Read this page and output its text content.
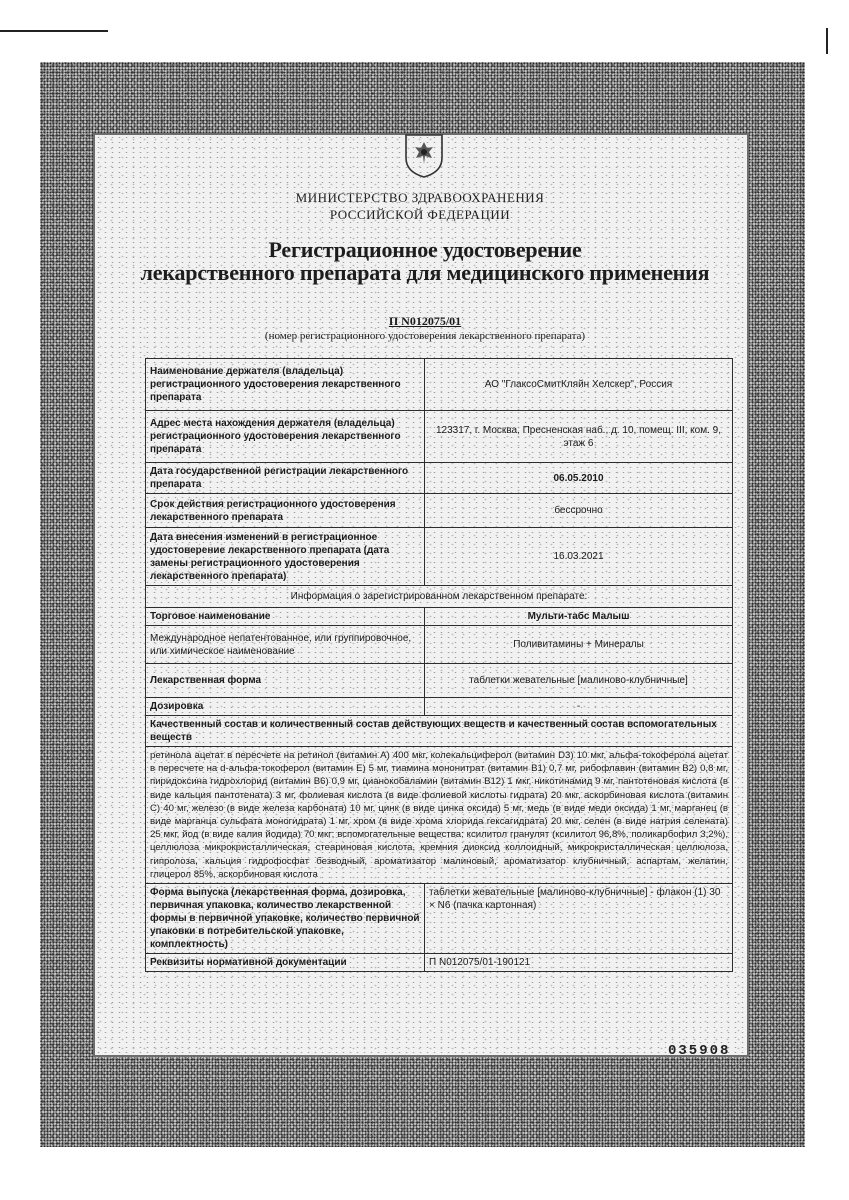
МИНИСТЕРСТВО ЗДРАВООХРАНЕНИЯ
РОССИЙСКОЙ ФЕДЕРАЦИИ
Регистрационное удостоверение
лекарственного препарата для медицинского применения
П N012075/01
(номер регистрационного удостоверения лекарственного препарата)
Наименование держателя (владельца) регистрационного удостоверения лекарственного препарата	АО "ГлаксоСмитКляйн Хелскер", Россия
Адрес места нахождения держателя (владельца) регистрационного удостоверения лекарственного препарата	123317, г. Москва, Пресненская наб., д. 10, помещ. III, ком. 9, этаж 6
Дата государственной регистрации лекарственного препарата	06.05.2010
Срок действия регистрационного удостоверения лекарственного препарата	бессрочно
Дата внесения изменений в регистрационное удостоверение лекарственного препарата (дата замены регистрационного удостоверения лекарственного препарата)	16.03.2021
Информация о зарегистрированном лекарственном препарате:	
Торговое наименование	Мульти-табс Малыш
Международное непатентованное, или группировочное, или химическое наименование	Поливитамины + Минералы
Лекарственная форма	таблетки жевательные [малиново-клубничные]
Дозировка	-
Качественный состав и количественный состав действующих веществ и качественный состав вспомогательных веществ	
ретинола ацетат в пересчете на ретинол (витамин А) 400 мкг, колекальциферол (витамин D3) 10 мкг, альфа-токоферола ацетат в пересчете на d-альфа-токоферол (витамин Е) 5 мг, тиамина мононитрат (витамин B1) 0,7 мг, рибофлавин (витамин B2) 0,8 мг, пиридоксина гидрохлорид (витамин B6) 0,9 мг, цианокобаламин (витамин B12) 1 мкг, никотинамид 9 мг, пантотеновая кислота (в виде кальция пантотената) 3 мг, фолиевая кислота (в виде фолиевой кислоты гидрата) 20 мкг, аскорбиновая кислота (витамин С) 40 мг, железо (в виде железа карбоната) 10 мг, цинк (в виде цинка оксида) 5 мг, медь (в виде меди оксида) 1 мг, марганец (в виде марганца сульфата моногидрата) 1 мг, хром (в виде хрома хлорида гексагидрата) 20 мкг, селен (в виде натрия селената) 25 мкг, йод (в виде калия йодида) 70 мкг; вспомогательные вещества: ксилитол гранулят (ксилитол 96,8%, поликарбофил 3,2%), целлюлоза микрокристаллическая, стеариновая кислота, кремния диоксид коллоидный, микрокристаллическая целлюлоза, гипролоза, кальция гидрофосфат безводный, ароматизатор малиновый, ароматизатор клубничный, аспартам, желатин, глицерол 85%, аскорбиновая кислота	
Форма выпуска (лекарственная форма, дозировка, первичная упаковка, количество лекарственной формы в первичной упаковке, количество первичной упаковки в потребительской упаковке, комплектность)	таблетки жевательные [малиново-клубничные] - флакон (1) 30 × N6 (пачка картонная)
Реквизиты нормативной документации	П N012075/01-190121
035908
